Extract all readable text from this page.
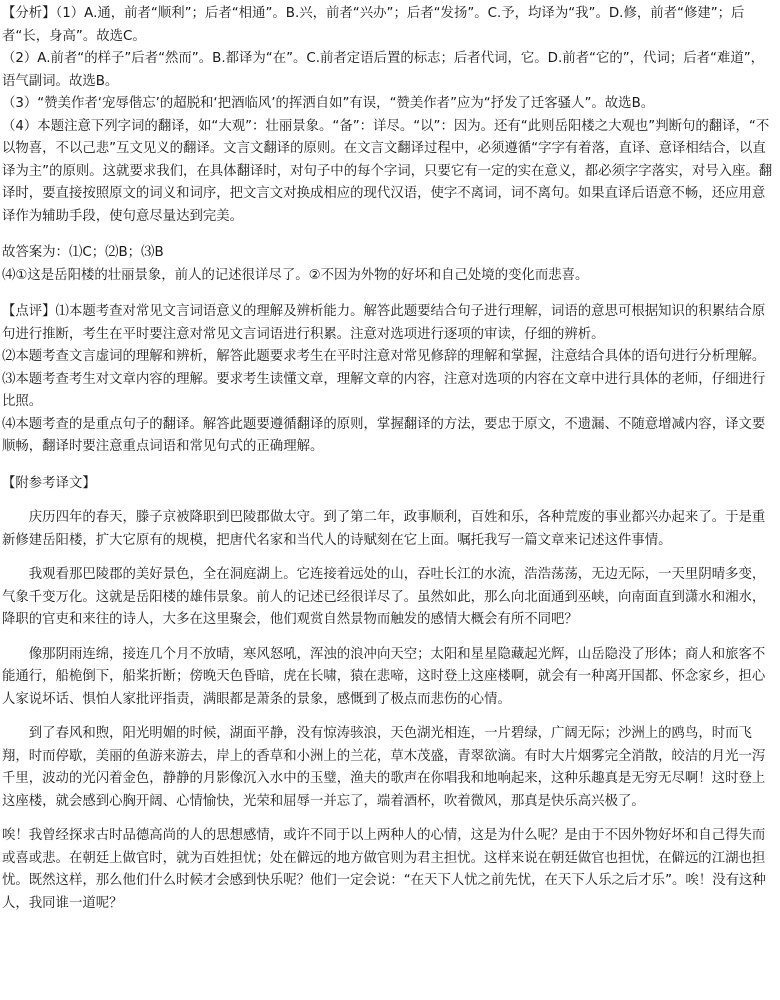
【分析】（1）A.通，前者“顺利”；后者“相通”。B.兴，前者“兴办”；后者“发扬”。C.予，均译为“我”。D.修，前者“修建”；后者“长，身高”。故选C。
（2）A.前者“的样子”后者“然而”。B.都译为“在”。C.前者定语后置的标志；后者代词，它。D.前者“它的”，代词；后者“难道”，语气副词。故选B。
（3）“赞美作者‘宠辱偕忘’的超脱和‘把酒临风’的挥洒自如”有误，“赞美作者”应为“抒发了迁客骚人”。故选B。
（4）本题注意下列字词的翻译，如“大观”：壮丽景象。“备”：详尽。“以”：因为。还有“此则岳阳楼之大观也”判断句的翻译，“不以物喜，不以己悲”互文见义的翻译。文言文翻译的原则。在文言文翻译过程中，必须遵循“字字有着落，直译、意译相结合，以直译为主”的原则。这就要求我们，在具体翻译时，对句子中的每个字词，只要它有一定的实在意义，都必须字字落实，对号入座。翻译时，要直接按照原文的词义和词序，把文言文对换成相应的现代汉语，使字不离词，词不离句。如果直译后语意不畅，还应用意译作为辅助手段，使句意尽量达到完美。
故答案为：⑴C；⑵B；⑶B
⑷①这是岳阳楼的壮丽景象，前人的记述很详尽了。②不因为外物的好坏和自己处境的变化而悲喜。
【点评】⑴本题考查对常见文言词语意义的理解及辨析能力。解答此题要结合句子进行理解，词语的意思可根据知识的积累结合原句进行推断，考生在平时要注意对常见文言词语进行积累。注意对选项进行逐项的审读，仔细的辨析。
⑵本题考查文言虚词的理解和辨析，解答此题要求考生在平时注意对常见修辞的理解和掌握，注意结合具体的语句进行分析理解。
⑶本题考查考生对文章内容的理解。要求考生读懂文章，理解文章的内容，注意对选项的内容在文章中进行具体的老师，仔细进行比照。
⑷本题考查的是重点句子的翻译。解答此题要遵循翻译的原则，掌握翻译的方法，要忠于原文，不遗漏、不随意增减内容，译文要顺畅，翻译时要注意重点词语和常见句式的正确理解。
【附参考译文】
庆历四年的春天，滕子京被降职到巴陵郡做太守。到了第二年，政事顺利，百姓和乐，各种荒废的事业都兴办起来了。于是重新修建岳阳楼，扩大它原有的规模，把唐代名家和当代人的诗赋刻在它上面。嘱托我写一篇文章来记述这件事情。
我观看那巴陵郡的美好景色，全在洞庭湖上。它连接着远处的山，吞吐长江的水流，浩浩荡荡，无边无际，一天里阴晴多变，气象千变万化。这就是岳阳楼的雄伟景象。前人的记述已经很详尽了。虽然如此，那么向北面通到巫峡，向南面直到潇水和湘水，降职的官吏和来往的诗人，大多在这里聚会，他们观赏自然景物而触发的感情大概会有所不同吧？
像那阴雨连绵，接连几个月不放晴，寒风怒吼，浑浊的浪冲向天空；太阳和星星隐藏起光辉，山岳隐没了形体；商人和旅客不能通行，船桅倒下，船桨折断；傍晚天色昏暗，虎在长啸，猿在悲啼，这时登上这座楼啊，就会有一种离开国都、怀念家乡，担心人家说坏话、惧怕人家批评指责，满眼都是萧条的景象，感慨到了极点而悲伤的心情。
到了春风和煦，阳光明媚的时候，湖面平静，没有惊涛骇浪，天色湖光相连，一片碧绿，广阔无际；沙洲上的鸥鸟，时而飞翔，时而停歇，美丽的鱼游来游去，岸上的香草和小洲上的兰花，草木茂盛，青翠欲滴。有时大片烟雾完全消散，皎洁的月光一泻千里，波动的光闪着金色，静静的月影像沉入水中的玉璧，渔夫的歌声在你唱我和地响起来，这种乐趣真是无穷无尽啊！这时登上这座楼，就会感到心胸开阔、心情愉快，光荣和屈辱一并忘了，端着酒杯，吹着微风，那真是快乐高兴极了。
唉！我曾经探求古时品德高尚的人的思想感情，或许不同于以上两种人的心情，这是为什么呢？是由于不因外物好坏和自己得失而或喜或悲。在朝廷上做官时，就为百姓担忧；处在僻远的地方做官则为君主担忧。这样来说在朝廷做官也担忧，在僻远的江湖也担忧。既然这样，那么他们什么时候才会感到快乐呢？他们一定会说：“在天下人忧之前先忧，在天下人乐之后才乐”。唉！没有这种人，我同谁一道呢？
